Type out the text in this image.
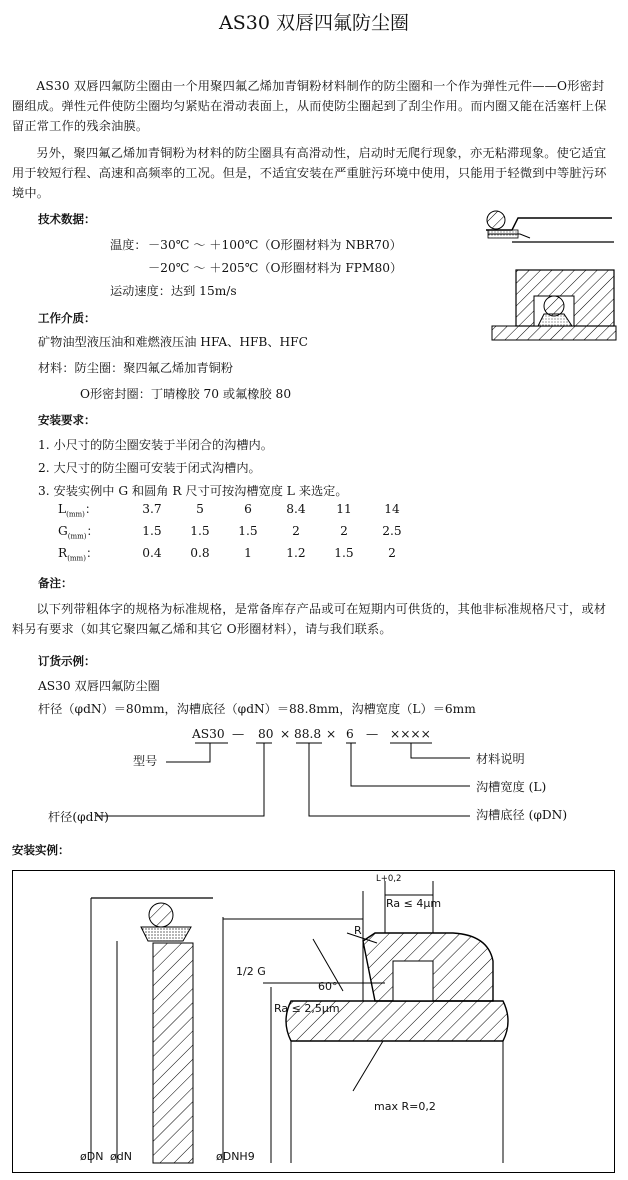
AS30 双唇四氟防尘圈
AS30 双唇四氟防尘圈由一个用聚四氟乙烯加青铜粉材料制作的防尘圈和一个作为弹性元件——O形密封圈组成。弹性元件使防尘圈均匀紧贴在滑动表面上，从而使防尘圈起到了刮尘作用。而内圈又能在活塞杆上保留正常工作的残余油膜。
另外，聚四氟乙烯加青铜粉为材料的防尘圈具有高滑动性，启动时无爬行现象，亦无粘滞现象。使它适宜用于较短行程、高速和高频率的工况。但是，不适宜安装在严重脏污环境中使用，只能用于轻微到中等脏污环境中。
技术数据：
温度： －30℃ ～ ＋100℃（O形圈材料为 NBR70）
－20℃ ～ ＋205℃（O形圈材料为 FPM80）
运动速度：达到 15m/s
工作介质：
矿物油型液压油和难燃液压油 HFA、HFB、HFC
材料：防尘圈：聚四氟乙烯加青铜粉
O形密封圈：丁晴橡胶 70 或氟橡胶 80
安装要求：
1. 小尺寸的防尘圈安装于半闭合的沟槽内。
2. 大尺寸的防尘圈可安装于闭式沟槽内。
3. 安装实例中 G 和圆角 R 尺寸可按沟槽宽度 L 来选定。
$L_{(mm)}$：	3.7	5	6	8.4	11	14
$G_{(mm)}$：	1.5	1.5	1.5	2	2	2.5
$R_{(mm)}$：	0.4	0.8	1	1.2	1.5	2
备注：
以下列带粗体字的规格为标准规格，是常备库存产品或可在短期内可供货的，其他非标准规格尺寸，或材料另有要求（如其它聚四氟乙烯和其它 O形圈材料），请与我们联系。
订货示例：
AS30 双唇四氟防尘圈
杆径（φdN）＝80mm，沟槽底径（φdN）＝88.8mm，沟槽宽度（L）＝6mm
AS30 — 80 × 88.8 × 6 — ××××
型号
杆径(φdN)
材料说明
沟槽宽度 (L)
沟槽底径 (φDN)
安装实例：
L+0,2
Ra ≤ 4µm
R
1/2 G
60°
Ra ≤ 2,5µm
max R=0,2
øDN ødN	øDNH9
